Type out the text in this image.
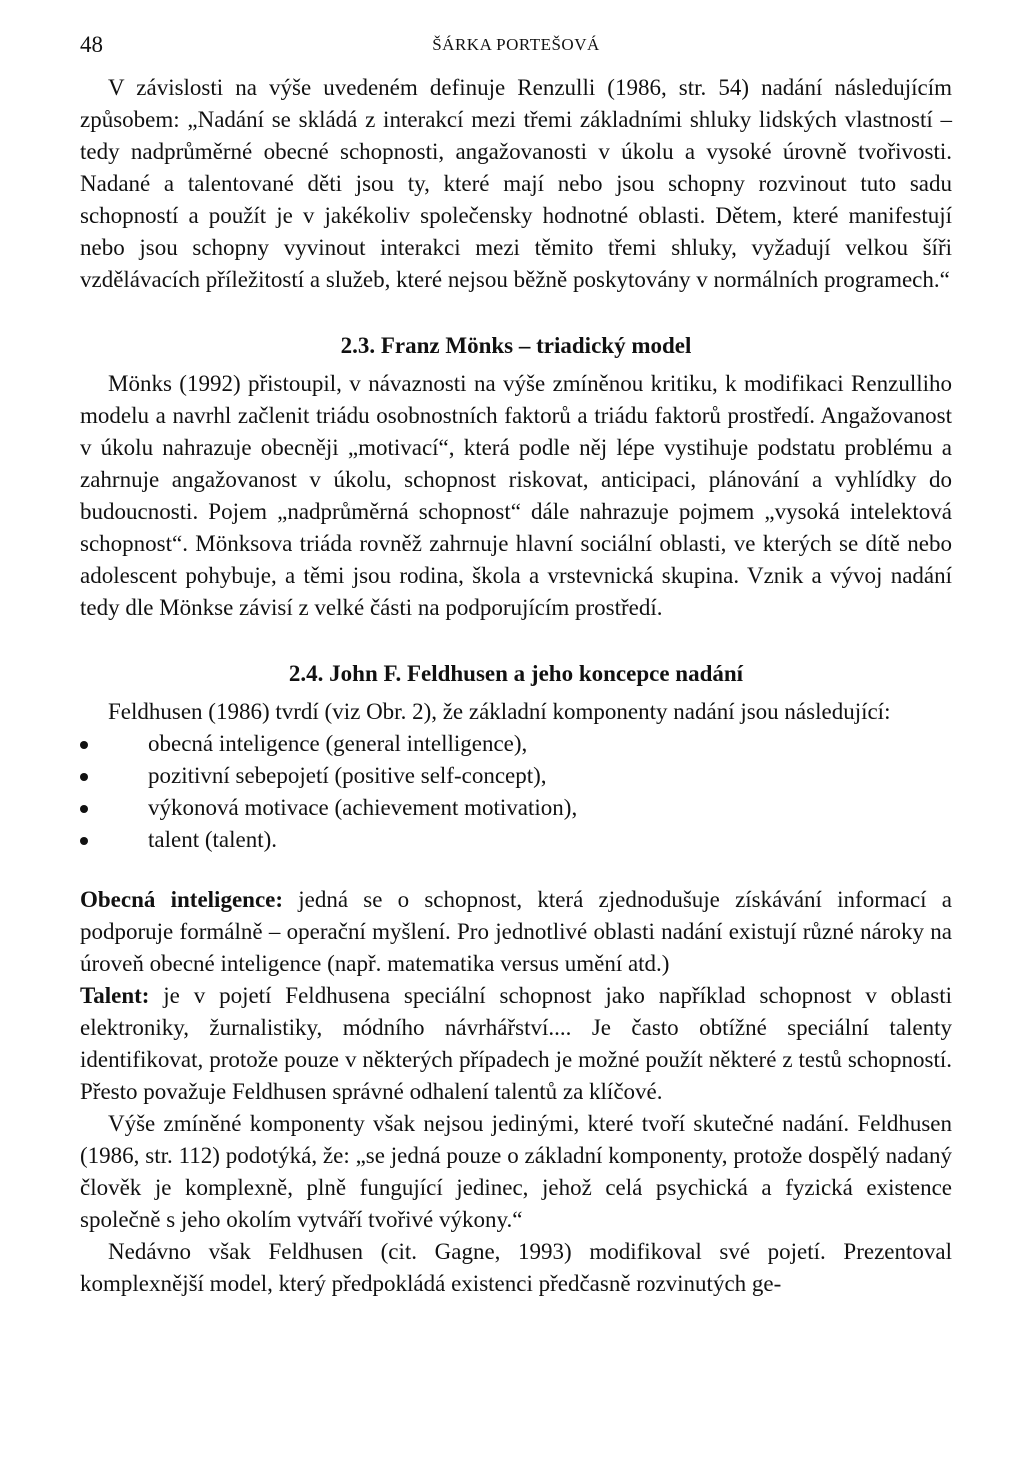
48	ŠÁRKA PORTEŠOVÁ

V závislosti na výše uvedeném definuje Renzulli (1986, str. 54) nadání následujícím způsobem: „Nadání se skládá z interakcí mezi třemi základními shluky lidských vlastností – tedy nadprůměrné obecné schopnosti, angažovanosti v úkolu a vysoké úrovně tvořivosti. Nadané a talentované děti jsou ty, které mají nebo jsou schopny rozvinout tuto sadu schopností a použít je v jakékoliv společensky hodnotné oblasti. Dětem, které manifestují nebo jsou schopny vyvinout interakci mezi těmito třemi shluky, vyžadují velkou šíři vzdělávacích příležitostí a služeb, které nejsou běžně poskytovány v normálních programech.“

2.3. Franz Mönks – triadický model

Mönks (1992) přistoupil, v návaznosti na výše zmíněnou kritiku, k modifikaci Renzulliho modelu a navrhl začlenit triádu osobnostních faktorů a triádu faktorů prostředí. Angažovanost v úkolu nahrazuje obecněji „motivací“, která podle něj lépe vystihuje podstatu problému a zahrnuje angažovanost v úkolu, schopnost riskovat, anticipaci, plánování a vyhlídky do budoucnosti. Pojem „nadprůměrná schopnost“ dále nahrazuje pojmem „vysoká intelektová schopnost“. Mönksova triáda rovněž zahrnuje hlavní sociální oblasti, ve kterých se dítě nebo adolescent pohybuje, a těmi jsou rodina, škola a vrstevnická skupina. Vznik a vývoj nadání tedy dle Mönkse závisí z velké části na podporujícím prostředí.

2.4. John F. Feldhusen a jeho koncepce nadání

Feldhusen (1986) tvrdí (viz Obr. 2), že základní komponenty nadání jsou následující:

obecná inteligence (general intelligence),
pozitivní sebepojetí (positive self-concept),
výkonová motivace (achievement motivation),
talent (talent).

Obecná inteligence: jedná se o schopnost, která zjednodušuje získávání informací a podporuje formálně – operační myšlení. Pro jednotlivé oblasti nadání existují různé nároky na úroveň obecné inteligence (např. matematika versus umění atd.)

Talent: je v pojetí Feldhusena speciální schopnost jako například schopnost v oblasti elektroniky, žurnalistiky, módního návrhářství.... Je často obtížné speciální talenty identifikovat, protože pouze v některých případech je možné použít některé z testů schopností. Přesto považuje Feldhusen správné odhalení talentů za klíčové.

Výše zmíněné komponenty však nejsou jedinými, které tvoří skutečné nadání. Feldhusen (1986, str. 112) podotýká, že: „se jedná pouze o základní komponenty, protože dospělý nadaný člověk je komplexně, plně fungující jedinec, jehož celá psychická a fyzická existence společně s jeho okolím vytváří tvořivé výkony.“

Nedávno však Feldhusen (cit. Gagne, 1993) modifikoval své pojetí. Prezentoval komplexnější model, který předpokládá existenci předčasně rozvinutých ge-
